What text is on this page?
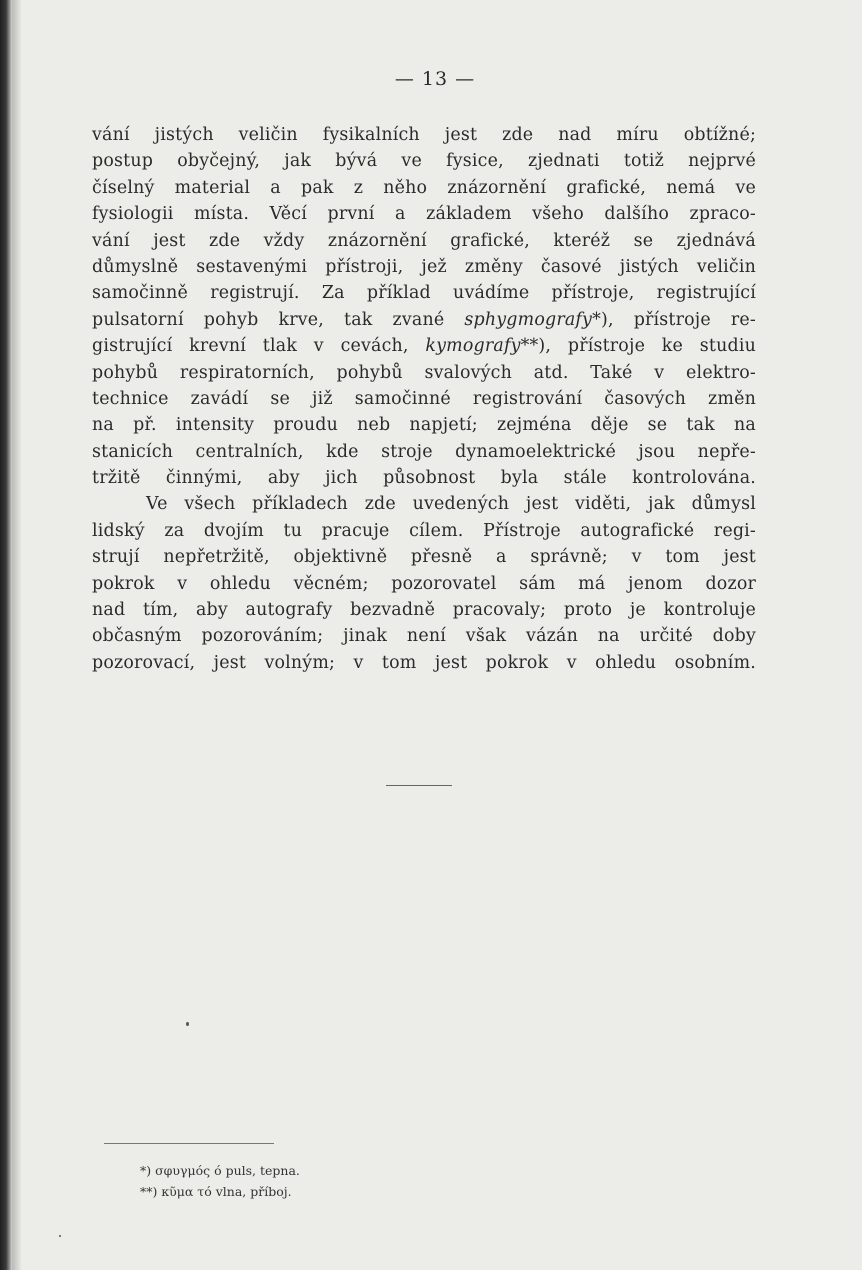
— 13 —
vání jistých veličin fysikalních jest zde nad míru obtížné;
postup obyčejný, jak bývá ve fysice, zjednati totiž nejprvé
číselný material a pak z něho znázornění grafické, nemá ve
fysiologii místa. Věcí první a základem všeho dalšího zpraco-
vání jest zde vždy znázornění grafické, kteréž se zjednává
důmyslně sestavenými přístroji, jež změny časové jistých veličin
samočinně registrují. Za příklad uvádíme přístroje, registrující
pulsatorní pohyb krve, tak zvané sphygmografy*), přístroje re-
gistrující krevní tlak v cevách, kymografy**), přístroje ke studiu
pohybů respiratorních, pohybů svalových atd. Také v elektro-
technice zavádí se již samočinné registrování časových změn
na př. intensity proudu neb napjetí; zejména děje se tak na
stanicích centralních, kde stroje dynamoelektrické jsou nepře-
tržitě činnými, aby jich působnost byla stále kontrolována.
Ve všech příkladech zde uvedených jest viděti, jak důmysl
lidský za dvojím tu pracuje cílem. Přístroje autografické regi-
strují nepřetržitě, objektivně přesně a správně; v tom jest
pokrok v ohledu věcném; pozorovatel sám má jenom dozor
nad tím, aby autografy bezvadně pracovaly; proto je kontroluje
občasným pozorováním; jinak není však vázán na určité doby
pozorovací, jest volným; v tom jest pokrok v ohledu osobním.
*) σφυγμός ó puls, tepna.
**) κῦμα τό vlna, příboj.
